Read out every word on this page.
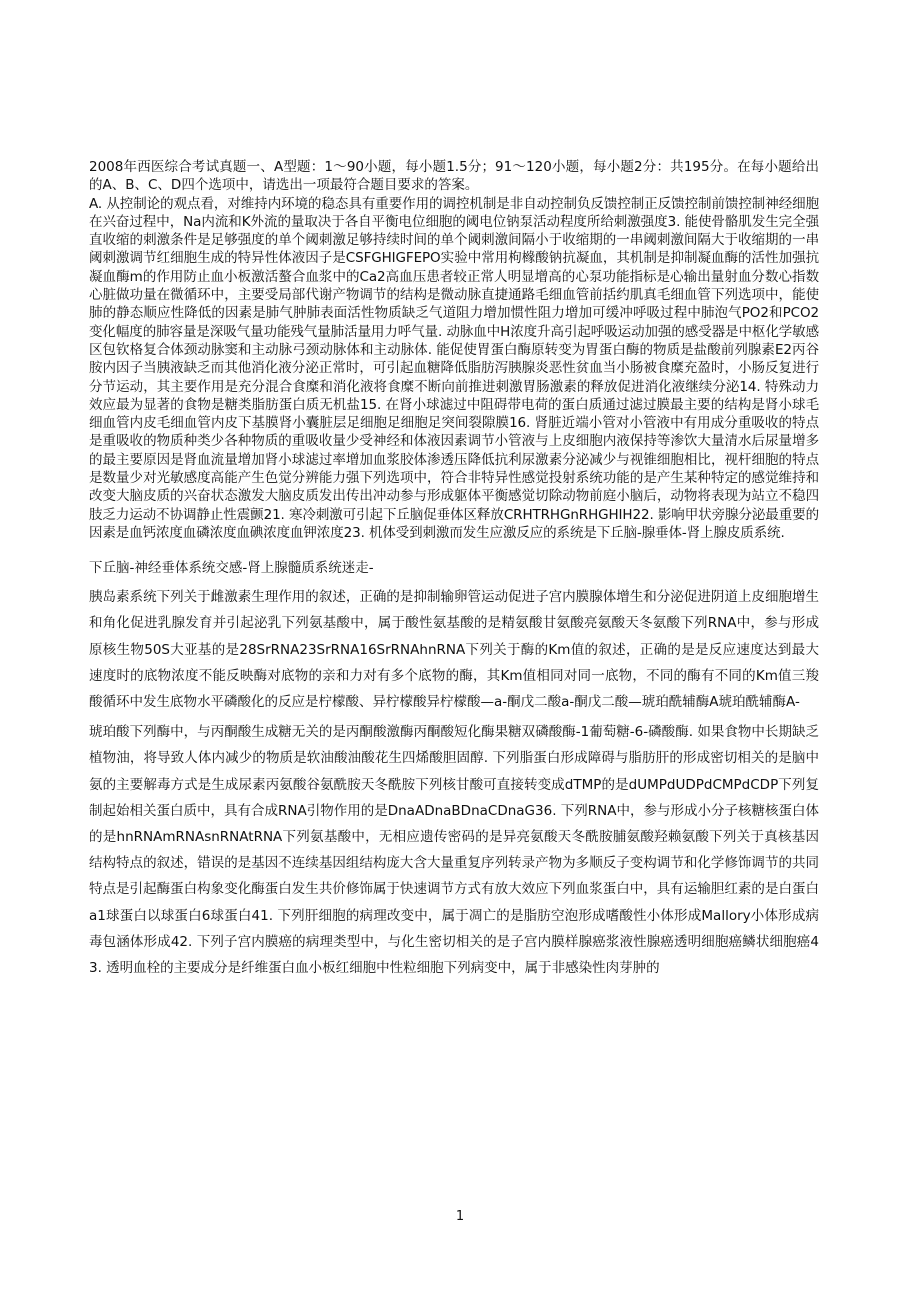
2008年西医综合考试真题一、A型题：1～90小题，每小题1.5分；91～120小题，每小题2分：共195分。在每小题给出的A、B、C、D四个选项中，请选出一项最符合题目要求的答案。

A. 从控制论的观点看，对维持内环境的稳态具有重要作用的调控机制是非自动控制负反馈控制正反馈控制前馈控制神经细胞在兴奋过程中，Na内流和K外流的量取决于各自平衡电位细胞的阈电位钠泵活动程度所给刺激强度3. 能使骨骼肌发生完全强直收缩的刺激条件是足够强度的单个阈刺激足够持续时间的单个阈刺激间隔小于收缩期的一串阈刺激间隔大于收缩期的一串阈刺激调节红细胞生成的特异性体液因子是CSFGHIGFEPO实验中常用枸橼酸钠抗凝血，其机制是抑制凝血酶的活性加强抗凝血酶m的作用防止血小板激活螯合血浆中的Ca2高血压患者较正常人明显增高的心泵功能指标是心输出量射血分数心指数心脏做功量在微循环中，主要受局部代谢产物调节的结构是微动脉直捷通路毛细血管前括约肌真毛细血管下列选项中，能使肺的静态顺应性降低的因素是肺气肿肺表面活性物质缺乏气道阻力增加惯性阻力增加可缓冲呼吸过程中肺泡气PO2和PCO2变化幅度的肺容量是深吸气量功能残气量肺活量用力呼气量. 动脉血中H浓度升高引起呼吸运动加强的感受器是中枢化学敏感区包钦格复合体颈动脉窦和主动脉弓颈动脉体和主动脉体. 能促使胃蛋白酶原转变为胃蛋白酶的物质是盐酸前列腺素E2丙谷胺内因子当胰液缺乏而其他消化液分泌正常时，可引起血糖降低脂肪泻胰腺炎恶性贫血当小肠被食糜充盈时，小肠反复进行分节运动，其主要作用是充分混合食糜和消化液将食糜不断向前推进刺激胃肠激素的释放促进消化液继续分泌14. 特殊动力效应最为显著的食物是糖类脂肪蛋白质无机盐15. 在肾小球滤过中阻碍带电荷的蛋白质通过滤过膜最主要的结构是肾小球毛细血管内皮毛细血管内皮下基膜肾小囊脏层足细胞足细胞足突间裂隙膜16. 肾脏近端小管对小管液中有用成分重吸收的特点是重吸收的物质种类少各种物质的重吸收量少受神经和体液因素调节小管液与上皮细胞内液保持等渗饮大量清水后尿量增多的最主要原因是肾血流量增加肾小球滤过率增加血浆胶体渗透压降低抗利尿激素分泌减少与视锥细胞相比，视杆细胞的特点是数量少对光敏感度高能产生色觉分辨能力强下列选项中，符合非特异性感觉投射系统功能的是产生某种特定的感觉维持和改变大脑皮质的兴奋状态激发大脑皮质发出传出冲动参与形成躯体平衡感觉切除动物前庭小脑后，动物将表现为站立不稳四肢乏力运动不协调静止性震颤21. 寒冷刺激可引起下丘脑促垂体区释放CRHTRHGnRHGHIH22. 影响甲状旁腺分泌最重要的因素是血钙浓度血磷浓度血碘浓度血钾浓度23. 机体受到刺激而发生应激反应的系统是下丘脑-腺垂体-肾上腺皮质系统.

下丘脑-神经垂体系统交感-肾上腺髓质系统迷走-

胰岛素系统下列关于雌激素生理作用的叙述，正确的是抑制输卵管运动促进子宫内膜腺体增生和分泌促进阴道上皮细胞增生和角化促进乳腺发育并引起泌乳下列氨基酸中，属于酸性氨基酸的是精氨酸甘氨酸亮氨酸天冬氨酸下列RNA中，参与形成原核生物50S大亚基的是28SrRNA23SrRNA16SrRNAhnRNA下列关于酶的Km值的叙述，正确的是是反应速度达到最大速度时的底物浓度不能反映酶对底物的亲和力对有多个底物的酶，其Km值相同对同一底物，不同的酶有不同的Km值三羧酸循环中发生底物水平磷酸化的反应是柠檬酸、异柠檬酸异柠檬酸—a-酮戊二酸a-酮戊二酸—琥珀酰辅酶A琥珀酰辅酶A-

琥珀酸下列酶中，与丙酮酸生成糖无关的是丙酮酸激酶丙酮酸短化酶果糖双磷酸酶-1葡萄糖-6-磷酸酶. 如果食物中长期缺乏植物油，将导致人体内减少的物质是软油酸油酸花生四烯酸胆固醇. 下列脂蛋白形成障碍与脂肪肝的形成密切相关的是脑中氨的主要解毒方式是生成尿素丙氨酸谷氨酰胺天冬酰胺下列核甘酸可直接转变成dTMP的是dUMPdUDPdCMPdCDP下列复制起始相关蛋白质中，具有合成RNA引物作用的是DnaADnaBDnaCDnaG36. 下列RNA中，参与形成小分子核糖核蛋白体的是hnRNAmRNAsnRNAtRNA下列氨基酸中，无相应遗传密码的是异亮氨酸天冬酰胺脯氨酸羟赖氨酸下列关于真核基因结构特点的叙述，错误的是基因不连续基因组结构庞大含大量重复序列转录产物为多顺反子变构调节和化学修饰调节的共同特点是引起酶蛋白构象变化酶蛋白发生共价修饰属于快速调节方式有放大效应下列血浆蛋白中，具有运输胆红素的是白蛋白a1球蛋白以球蛋白6球蛋白41. 下列肝细胞的病理改变中，属于凋亡的是脂肪空泡形成嗜酸性小体形成Mallory小体形成病毒包涵体形成42. 下列子宫内膜癌的病理类型中，与化生密切相关的是子宫内膜样腺癌浆液性腺癌透明细胞癌鳞状细胞癌43. 透明血栓的主要成分是纤维蛋白血小板红细胞中性粒细胞下列病变中，属于非感染性肉芽肿的

1
